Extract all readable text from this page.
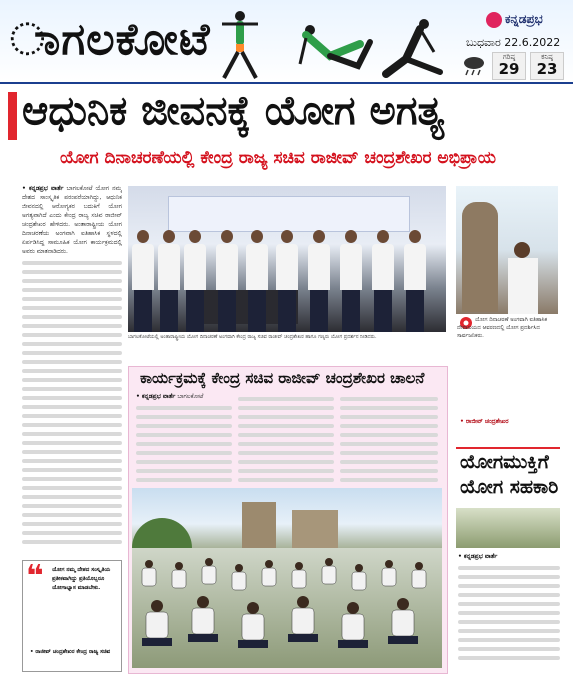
ಾಗಲಕೋಟೆ	ಕನ್ನಡಪ್ರಭ
ಬುಧವಾರ 22.6.2022
ಗರಿಷ್ಠ
29
ಕನಿಷ್ಠ
23
ಆಧುನಿಕ ಜೀವನಕ್ಕೆ ಯೋಗ ಅಗತ್ಯ
ಯೋಗ ದಿನಾಚರಣೆಯಲ್ಲಿ ಕೇಂದ್ರ ರಾಜ್ಯ ಸಚಿವ ರಾಜೀವ್ ಚಂದ್ರಶೇಖರ ಅಭಿಪ್ರಾಯ
• ಕನ್ನಡಪ್ರಭ ವಾರ್ತೆ ಬಾಗಲಕೋಟೆ ಯೋಗ ನಮ್ಮ ದೇಶದ ಸಾಂಸ್ಕೃತಿಕ ಪರಂಪರೆಯಾಗಿದ್ದು, ಆಧುನಿಕ ಜೀವನದಲ್ಲಿ ಆರೋಗ್ಯಕರ ಬದುಕಿಗೆ ಯೋಗ ಅಗತ್ಯವಾಗಿದೆ ಎಂದು ಕೇಂದ್ರ ರಾಜ್ಯ ಸಚಿವ ರಾಜೀವ್ ಚಂದ್ರಶೇಖರ ಹೇಳಿದರು. ಅಂತಾರಾಷ್ಟ್ರೀಯ ಯೋಗ ದಿನಾಚರಣೆಯ ಅಂಗವಾಗಿ ಐತಿಹಾಸಿಕ ಸ್ಥಳದಲ್ಲಿ ಏರ್ಪಡಿಸಿದ್ದ ಸಾಮೂಹಿಕ ಯೋಗ ಕಾರ್ಯಕ್ರಮದಲ್ಲಿ ಅವರು ಮಾತನಾಡಿದರು.
ಬಾಗಲಕೋಟೆಯಲ್ಲಿ ಅಂತಾರಾಷ್ಟ್ರೀಯ ಯೋಗ ದಿನಾಚರಣೆ ಅಂಗವಾಗಿ ಕೇಂದ್ರ ರಾಜ್ಯ ಸಚಿವ ರಾಜೀವ್ ಚಂದ್ರಶೇಖರ ಹಾಗೂ ಗಣ್ಯರು ಯೋಗ ಪ್ರದರ್ಶನ ನೀಡಿದರು.
ಕಾರ್ಯಕ್ರಮಕ್ಕೆ ಕೇಂದ್ರ ಸಚಿವ ರಾಜೀವ್ ಚಂದ್ರಶೇಖರ ಚಾಲನೆ
• ಕನ್ನಡಪ್ರಭ ವಾರ್ತೆ ಬಾಗಲಕೋಟೆ
ಯೋಗ ದಿನಾಚರಣೆ ಅಂಗವಾಗಿ ಐತಿಹಾಸಿಕ ದೇವಾಲಯದ ಆವರಣದಲ್ಲಿ ಯೋಗ ಪ್ರದರ್ಶಿಸಿದ ಸಾರ್ವಜನಿಕರು.
• ರಾಜೀವ್ ಚಂದ್ರಶೇಖರ
ಯೋಗಮುಕ್ತಿಗೆ ಯೋಗ ಸಹಕಾರಿ
• ಕನ್ನಡಪ್ರಭ ವಾರ್ತೆ
❝ ಯೋಗ ನಮ್ಮ ದೇಶದ ಸಂಸ್ಕೃತಿಯ ಪ್ರತೀಕವಾಗಿದ್ದು ಪ್ರತಿಯೊಬ್ಬರೂ ಯೋಗಾಭ್ಯಾಸ ಮಾಡಬೇಕು.
• ರಾಜೀವ್ ಚಂದ್ರಶೇಖರ ಕೇಂದ್ರ ರಾಜ್ಯ ಸಚಿವ
